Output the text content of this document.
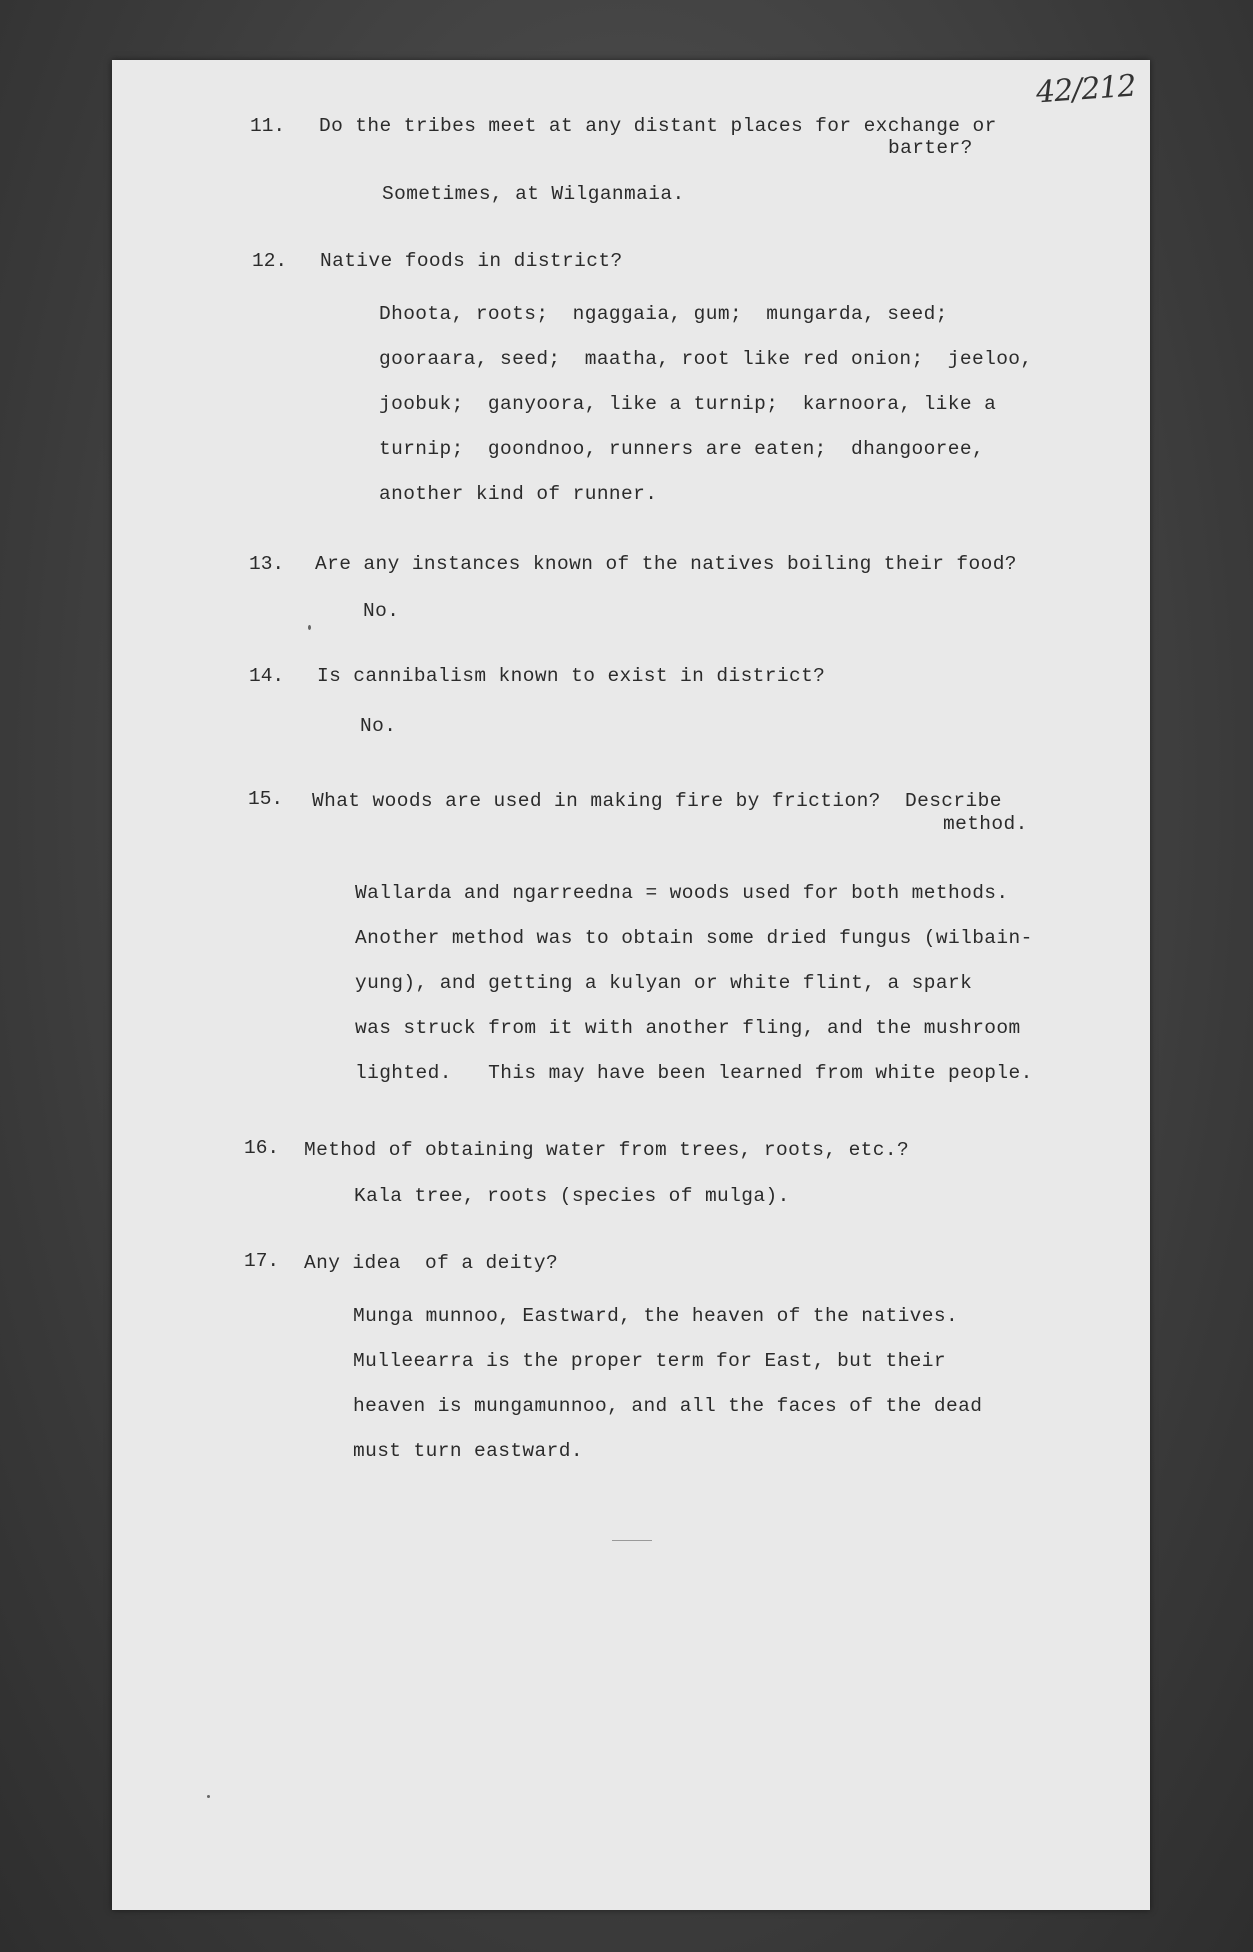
42/212
11. Do the tribes meet at any distant places for exchange or
barter?
Sometimes, at Wilganmaia.
12. Native foods in district?
Dhoota, roots;  ngaggaia, gum;  mungarda, seed;
gooraara, seed;  maatha, root like red onion;  jeeloo,
joobuk;  ganyoora, like a turnip;  karnoora, like a
turnip;  goondnoo, runners are eaten;  dhangooree,
another kind of runner.
13. Are any instances known of the natives boiling their food?
No.
14. Is cannibalism known to exist in district?
No.
15. What woods are used in making fire by friction?  Describe
method.
Wallarda and ngarreedna = woods used for both methods.
Another method was to obtain some dried fungus (wilbain-
yung), and getting a kulyan or white flint, a spark
was struck from it with another fling, and the mushroom
lighted.   This may have been learned from white people.
16. Method of obtaining water from trees, roots, etc.?
Kala tree, roots (species of mulga).
17. Any idea  of a deity?
Munga munnoo, Eastward, the heaven of the natives.
Mulleearra is the proper term for East, but their
heaven is mungamunnoo, and all the faces of the dead
must turn eastward.
